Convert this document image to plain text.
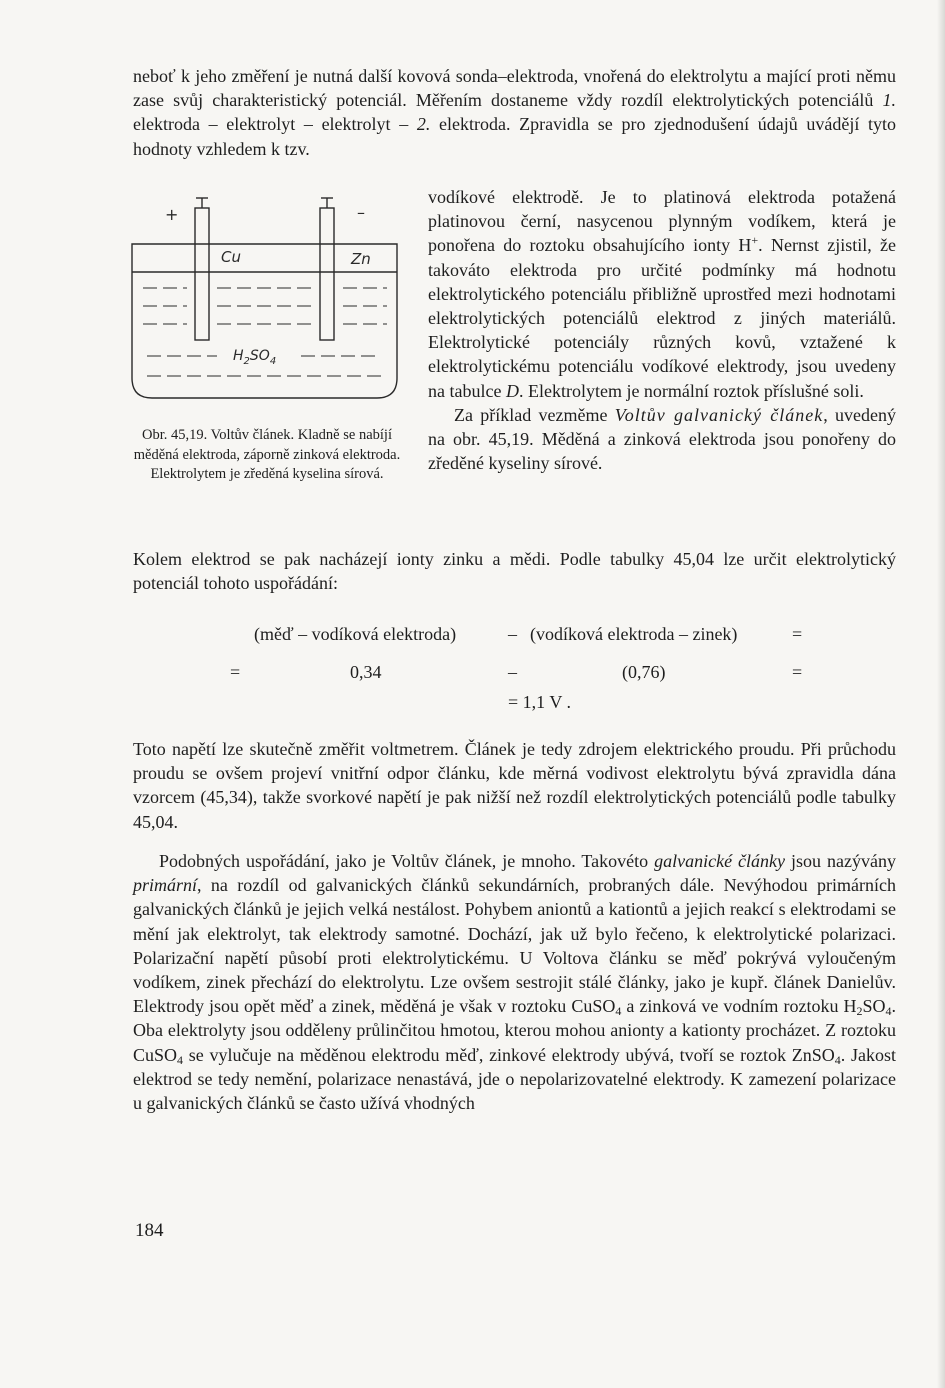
neboť k jeho změření je nutná další kovová sonda–elektroda, vnořená do elektrolytu a mající proti němu zase svůj charakteristický potenciál. Měřením dostaneme vždy rozdíl elektrolytických potenciálů 1. elektroda – elektrolyt – elektrolyt – 2. elektroda. Zpravidla se pro zjednodušení údajů uvádějí tyto hodnoty vzhledem k tzv.

vodíkové elektrodě. Je to platinová elektroda potažená platinovou černí, nasycenou plynným vodíkem, která je ponořena do roztoku obsahujícího ionty H+. Nernst zjistil, že takováto elektroda pro určité podmínky má hodnotu elektrolytického potenciálu přibližně uprostřed mezi hodnotami elektrolytických potenciálů elektrod z jiných materiálů. Elektrolytické potenciály různých kovů, vztažené k elektrolytickému potenciálu vodíkové elektrody, jsou uvedeny na tabulce D. Elektrolytem je normální roztok příslušné soli.

Za příklad vezměme Voltův galvanický článek, uvedený na obr. 45,19. Měděná a zinková elektroda jsou ponořeny do zředěné kyseliny sírové.

+	–
Cu	Zn
$H_2SO_4$

Obr. 45,19. Voltův článek. Kladně se nabíjí měděná elektroda, záporně zinková elektroda. Elektrolytem je zředěná kyselina sírová.

Kolem elektrod se pak nacházejí ionty zinku a mědi. Podle tabulky 45,04 lze určit elektrolytický potenciál tohoto uspořádání:

(měď – vodíková elektroda)	– (vodíková elektroda – zinek)	=
=	0,34	–	(0,76)	=
= 1,1 V .

Toto napětí lze skutečně změřit voltmetrem. Článek je tedy zdrojem elektrického proudu. Při průchodu proudu se ovšem projeví vnitřní odpor článku, kde měrná vodivost elektrolytu bývá zpravidla dána vzorcem (45,34), takže svorkové napětí je pak nižší než rozdíl elektrolytických potenciálů podle tabulky 45,04.

Podobných uspořádání, jako je Voltův článek, je mnoho. Takovéto galvanické články jsou nazývány primární, na rozdíl od galvanických článků sekundárních, probraných dále. Nevýhodou primárních galvanických článků je jejich velká nestálost. Pohybem aniontů a kationtů a jejich reakcí s elektrodami se mění jak elektrolyt, tak elektrody samotné. Dochází, jak už bylo řečeno, k elektrolytické polarizaci. Polarizační napětí působí proti elektrolytickému. U Voltova článku se měď pokrývá vyloučeným vodíkem, zinek přechází do elektrolytu. Lze ovšem sestrojit stálé články, jako je kupř. článek Danielův. Elektrody jsou opět měď a zinek, měděná je však v roztoku CuSO$_4$ a zinková ve vodním roztoku $H_2SO_4$. Oba elektrolyty jsou odděleny průlinčitou hmotou, kterou mohou anionty a kationty procházet. Z roztoku CuSO$_4$ se vylučuje na měděnou elektrodu měď, zinkové elektrody ubývá, tvoří se roztok ZnSO$_4$. Jakost elektrod se tedy nemění, polarizace nenastává, jde o nepolarizovatelné elektrody. K zamezení polarizace u galvanických článků se často užívá vhodných

184
